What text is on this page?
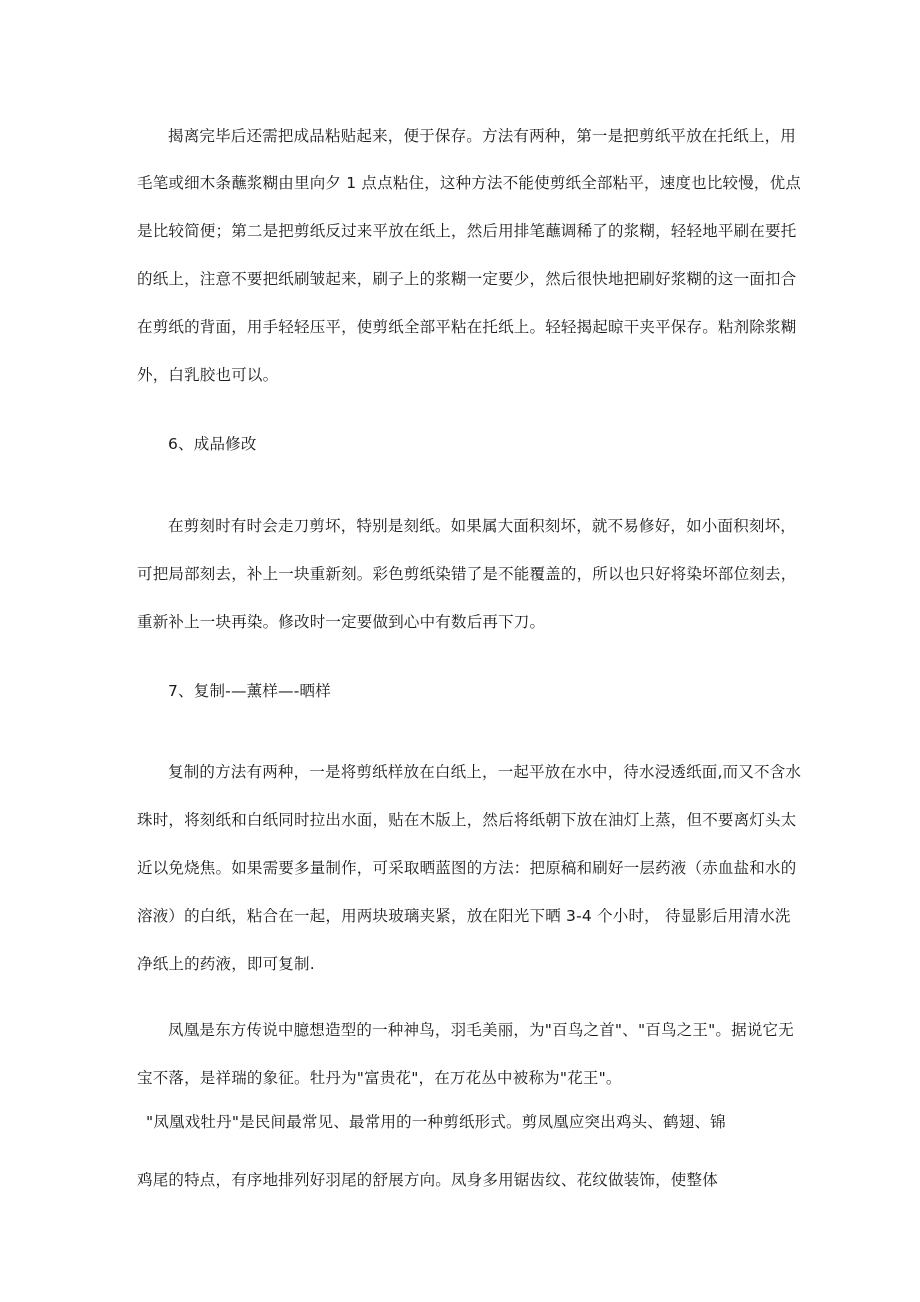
揭离完毕后还需把成品粘贴起来，便于保存。方法有两种，第一是把剪纸平放在托纸上，用
毛笔或细木条蘸浆糊由里向夕 1 点点粘住，这种方法不能使剪纸全部粘平，速度也比较慢，优点
是比较简便；第二是把剪纸反过来平放在纸上，然后用排笔蘸调稀了的浆糊，轻轻地平刷在要托
的纸上，注意不要把纸刷皱起来，刷子上的浆糊一定要少，然后很快地把刷好浆糊的这一面扣合
在剪纸的背面，用手轻轻压平，使剪纸全部平粘在托纸上。轻轻揭起晾干夹平保存。粘剂除浆糊
外，白乳胶也可以。
6、成品修改
在剪刻时有时会走刀剪坏，特别是刻纸。如果属大面积刻坏，就不易修好，如小面积刻坏，
可把局部刻去，补上一块重新刻。彩色剪纸染错了是不能覆盖的，所以也只好将染坏部位刻去，
重新补上一块再染。修改时一定要做到心中有数后再下刀。
7、复制-—薰样—-晒样
复制的方法有两种，一是将剪纸样放在白纸上，一起平放在水中，待水浸透纸面,而又不含水
珠时，将刻纸和白纸同时拉出水面，贴在木版上，然后将纸朝下放在油灯上蒸，但不要离灯头太
近以免烧焦。如果需要多量制作，可采取晒蓝图的方法：把原稿和刷好一层药液（赤血盐和水的
溶液）的白纸，粘合在一起，用两块玻璃夹紧，放在阳光下晒 3-4 个小时， 待显影后用清水洗
净纸上的药液，即可复制.
凤凰是东方传说中臆想造型的一种神鸟，羽毛美丽，为"百鸟之首"、"百鸟之王"。据说它无
宝不落，是祥瑞的象征。牡丹为"富贵花"，在万花丛中被称为"花王"。
"凤凰戏牡丹"是民间最常见、最常用的一种剪纸形式。剪凤凰应突出鸡头、鹤翅、锦
鸡尾的特点，有序地排列好羽尾的舒展方向。凤身多用锯齿纹、花纹做装饰，使整体
